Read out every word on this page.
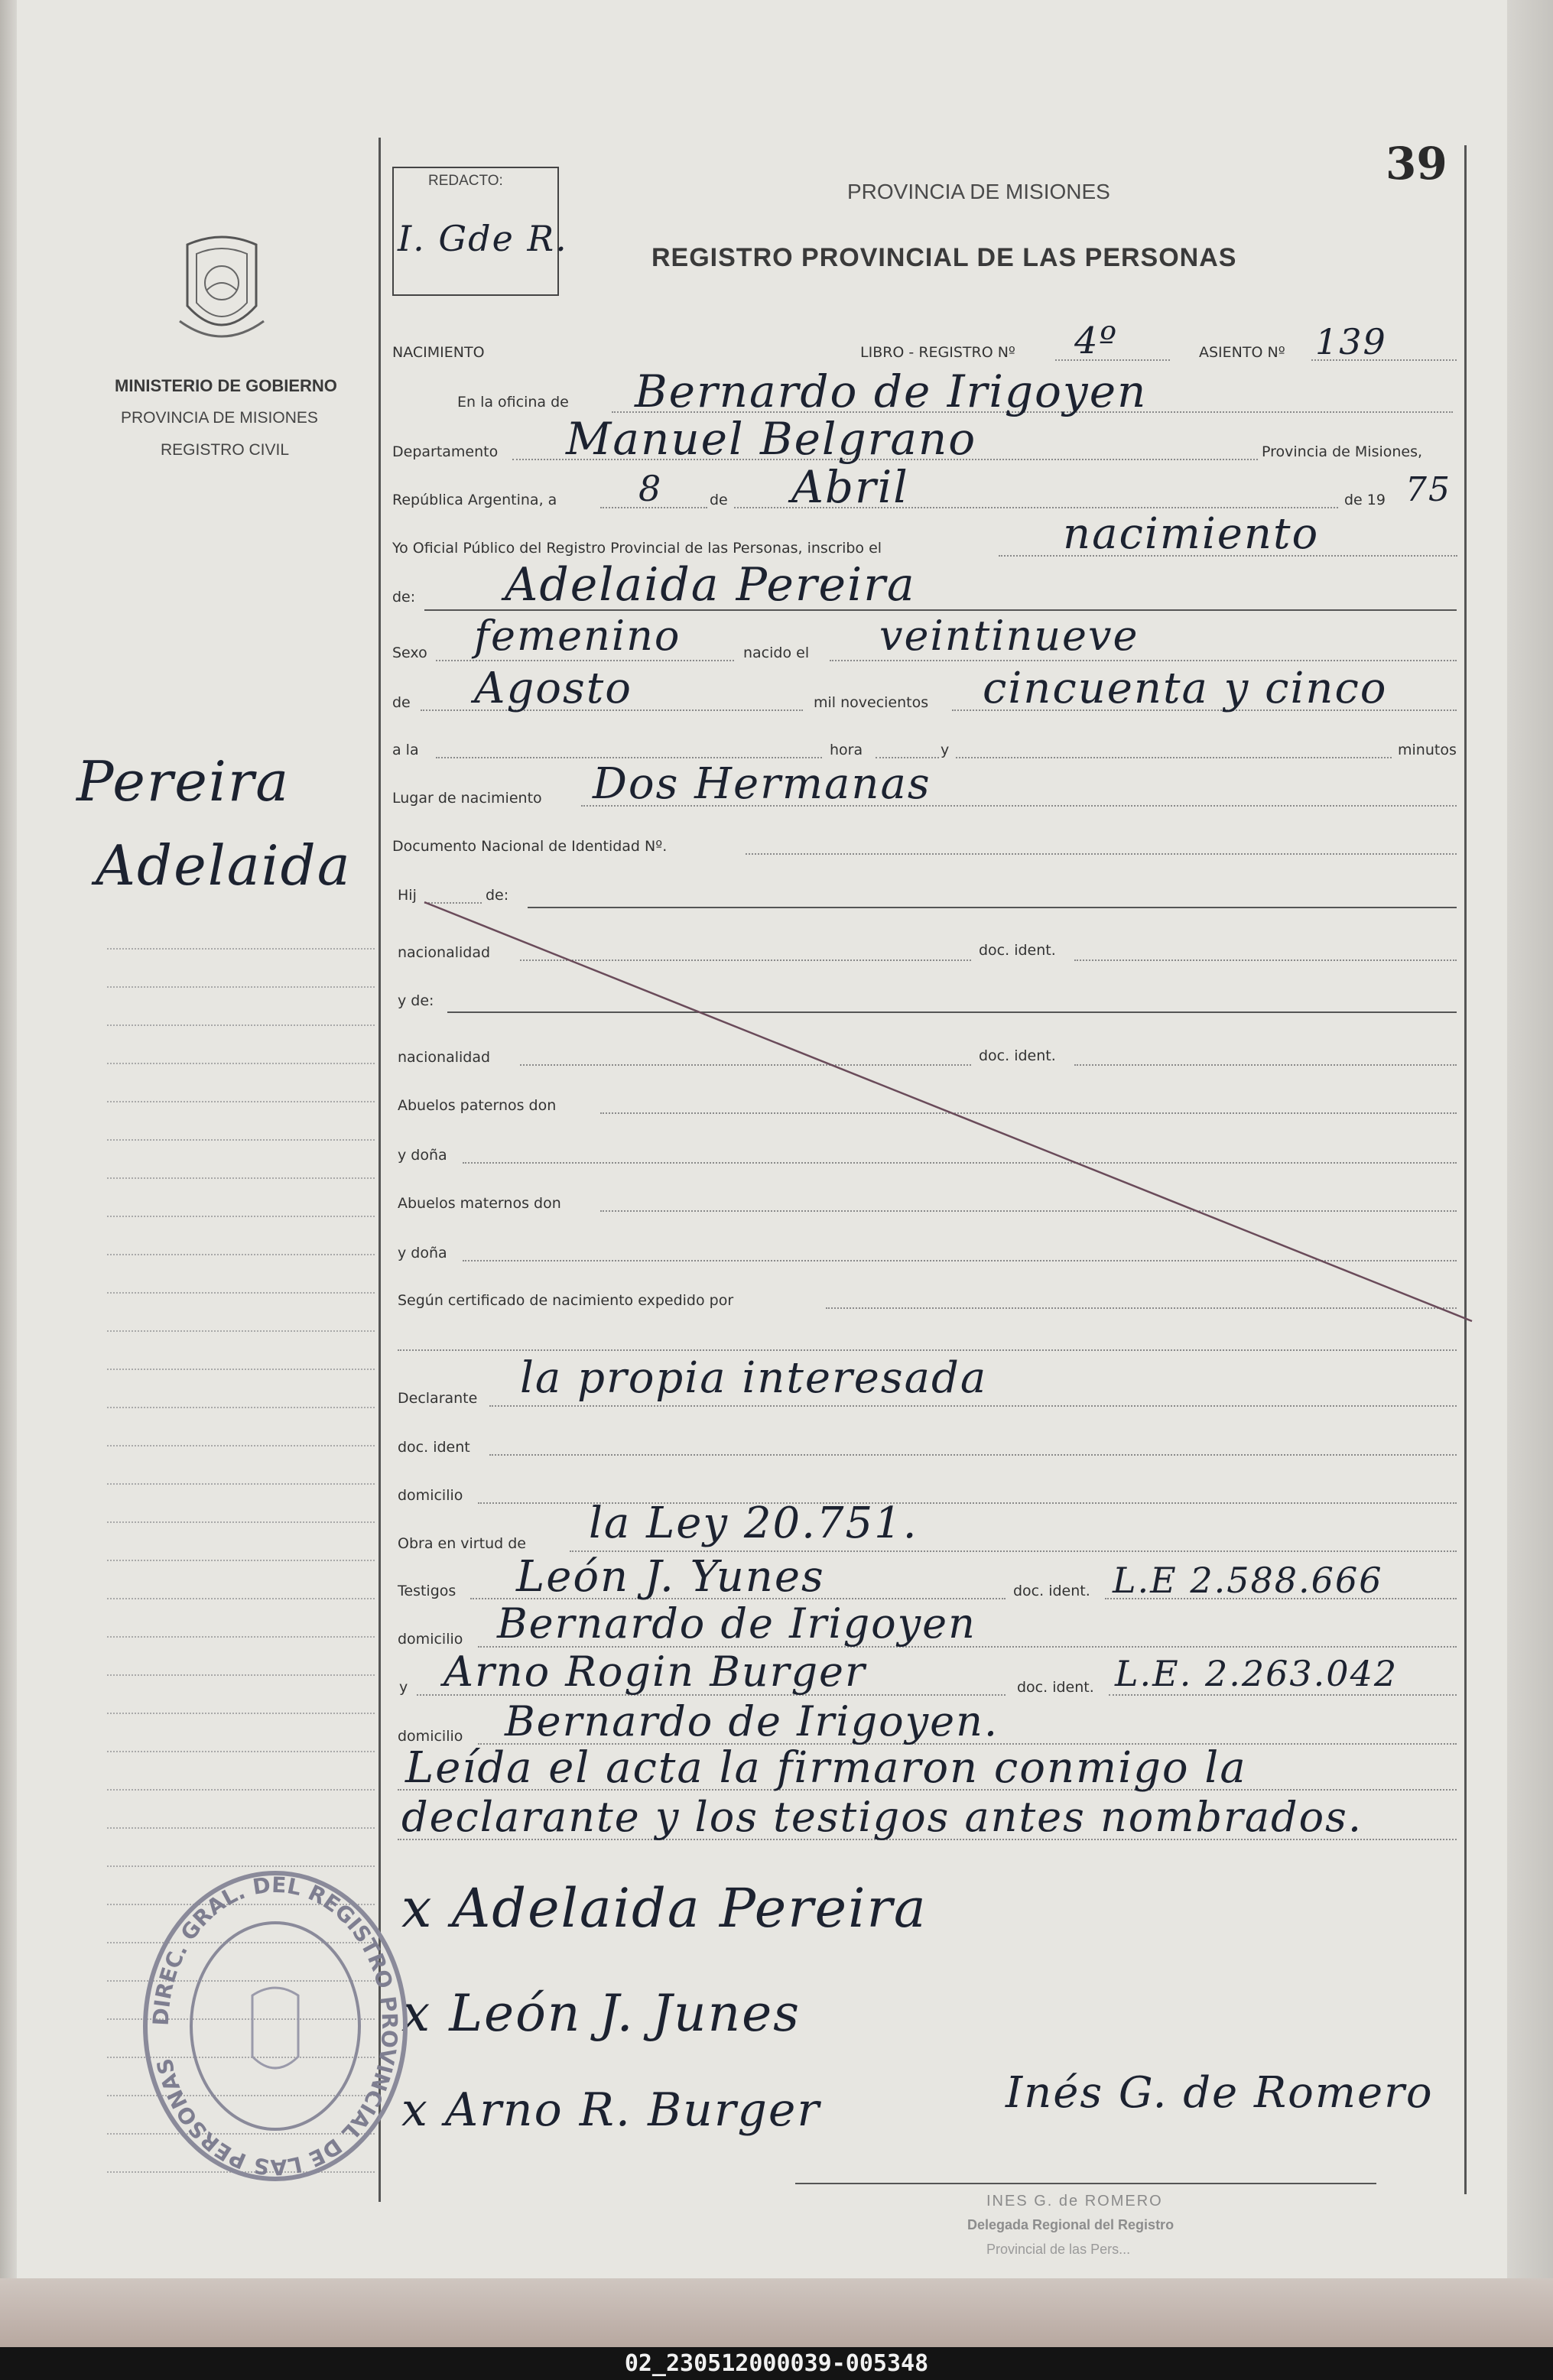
MINISTERIO DE GOBIERNO
PROVINCIA DE MISIONES
REGISTRO CIVIL
REDACTO:
I. Gde R.
39
PROVINCIA DE MISIONES
REGISTRO PROVINCIAL DE LAS PERSONAS
Pereira
Adelaida
NACIMIENTO	LIBRO - REGISTRO Nº 4º	ASIENTO Nº 139
En la oficina de Bernardo de Irigoyen
Departamento Manuel Belgrano	Provincia de Misiones,
República Argentina, a 8	de Abril	de 19 75
Yo Oficial Público del Registro Provincial de las Personas, inscribo el	nacimiento
de: Adelaida Pereira
Sexo femenino	nacido el veintinueve
de Agosto	mil novecientos cincuenta y cinco
a la	hora	y	minutos
Lugar de nacimiento Dos Hermanas
Documento Nacional de Identidad Nº.
Hij	de:
nacionalidad	doc. ident.
y de:
nacionalidad	doc. ident.
Abuelos paternos don
y doña
Abuelos maternos don
y doña
Según certificado de nacimiento expedido por
Declarante la propia interesada
doc. ident
domicilio
Obra en virtud de la Ley 20.751.
Testigos León J. Yunes	doc. ident. L.E 2.588.666
domicilio Bernardo de Irigoyen
y Arno Rogin Burger	doc. ident. L.E. 2.263.042
domicilio Bernardo de Irigoyen.
Leída el acta la firmaron conmigo la
declarante y los testigos antes nombrados.
x Adelaida Pereira
x León J. Junes
x Arno R. Burger	Inés G. de Romero
INES G. de ROMERO
Delegada Regional del Registro
Provincial de las Pers...
DIREC. GRAL. DEL REGISTRO PROVINCIAL DE LAS PERSONAS
02_230512000039-005348
